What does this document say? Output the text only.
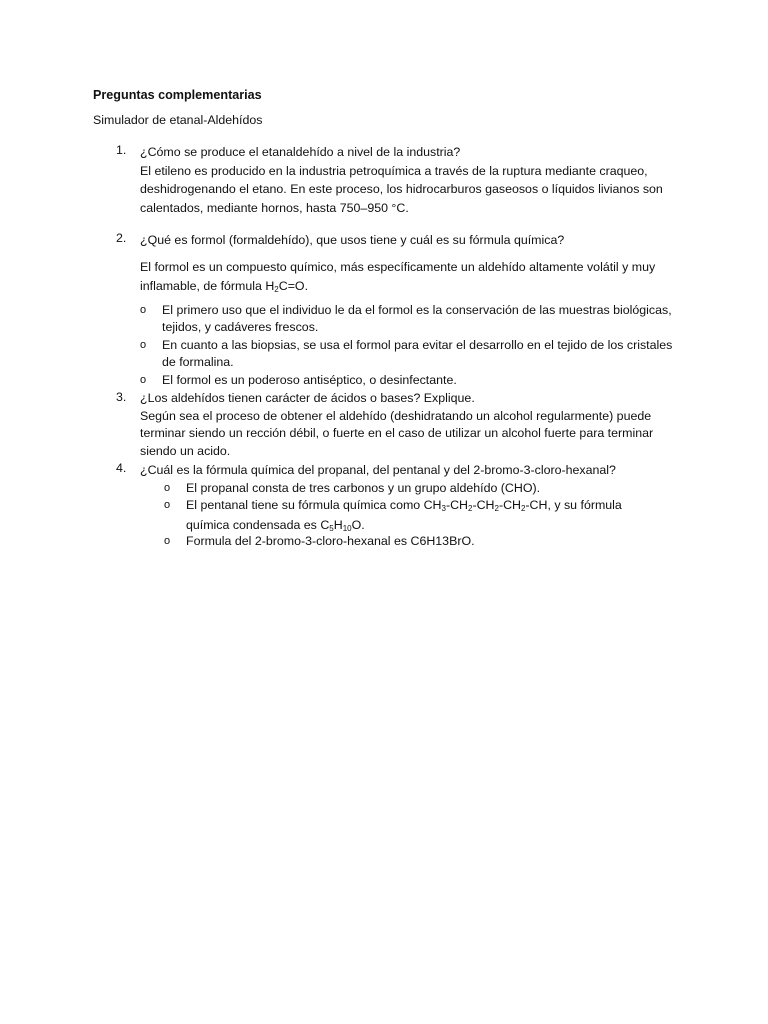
Preguntas complementarias
Simulador de etanal-Aldehídos
1.	¿Cómo se produce el etanaldehído a nivel de la industria?
El etileno es producido en la industria petroquímica a través de la ruptura mediante craqueo, deshidrogenando el etano. En este proceso, los hidrocarburos gaseosos o líquidos livianos son calentados, mediante hornos, hasta 750–950 °C.
2.	¿Qué es formol (formaldehído), que usos tiene y cuál es su fórmula química?
El formol es un compuesto químico, más específicamente un aldehído altamente volátil y muy inflamable, de fórmula $H_2C=O$.
o	El primero uso que el individuo le da el formol es la conservación de las muestras biológicas, tejidos, y cadáveres frescos.
o	En cuanto a las biopsias, se usa el formol para evitar el desarrollo en el tejido de los cristales de formalina.
o	El formol es un poderoso antiséptico, o desinfectante.
3.	¿Los aldehídos tienen carácter de ácidos o bases? Explique.
Según sea el proceso de obtener el aldehído (deshidratando un alcohol regularmente) puede terminar siendo un rección débil, o fuerte en el caso de utilizar un alcohol fuerte para terminar siendo un acido.
4.	¿Cuál es la fórmula química del propanal, del pentanal y del 2-bromo-3-cloro-hexanal?
o	El propanal consta de tres carbonos y un grupo aldehído (CHO).
o	El pentanal tiene su fórmula química como $CH_3-CH_2-CH_2-CH_2-CH$, y su fórmula química condensada es $C_5H_{10}O$.
o	Formula del 2-bromo-3-cloro-hexanal es C6H13BrO.
